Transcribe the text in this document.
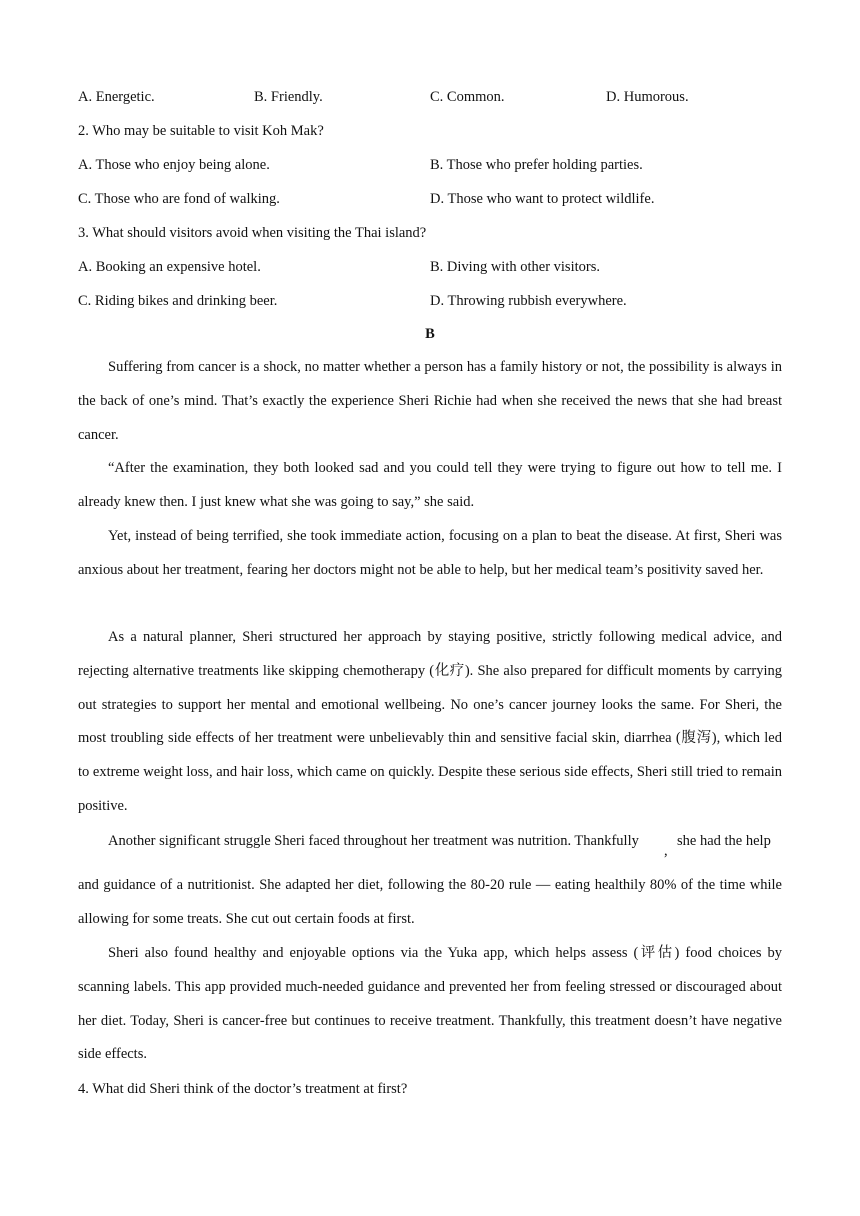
A. Energetic.	B. Friendly.	C. Common.	D. Humorous.
2. Who may be suitable to visit Koh Mak?
A. Those who enjoy being alone.	B. Those who prefer holding parties.
C. Those who are fond of walking.	D. Those who want to protect wildlife.
3. What should visitors avoid when visiting the Thai island?
A. Booking an expensive hotel.	B. Diving with other visitors.
C. Riding bikes and drinking beer.	D. Throwing rubbish everywhere.
B
Suffering from cancer is a shock, no matter whether a person has a family history or not, the possibility is always in the back of one’s mind. That’s exactly the experience Sheri Richie had when she received the news that she had breast cancer.
“After the examination, they both looked sad and you could tell they were trying to figure out how to tell me. I already knew then. I just knew what she was going to say,” she said.
Yet, instead of being terrified, she took immediate action, focusing on a plan to beat the disease. At first, Sheri was anxious about her treatment, fearing her doctors might not be able to help, but her medical team’s positivity saved her.
As a natural planner, Sheri structured her approach by staying positive, strictly following medical advice, and rejecting alternative treatments like skipping chemotherapy (化疗). She also prepared for difficult moments by carrying out strategies to support her mental and emotional wellbeing. No one’s cancer journey looks the same. For Sheri, the most troubling side effects of her treatment were unbelievably thin and sensitive facial skin, diarrhea (腹泻), which led to extreme weight loss, and hair loss, which came on quickly. Despite these serious side effects, Sheri still tried to remain positive.
Another significant struggle Sheri faced throughout her treatment was nutrition. Thankfully
,
she had the help
and guidance of a nutritionist. She adapted her diet, following the 80-20 rule — eating healthily 80% of the time while allowing for some treats. She cut out certain foods at first.
Sheri also found healthy and enjoyable options via the Yuka app, which helps assess (评估) food choices by scanning labels. This app provided much-needed guidance and prevented her from feeling stressed or discouraged about her diet. Today, Sheri is cancer-free but continues to receive treatment. Thankfully, this treatment doesn’t have negative side effects.
4. What did Sheri think of the doctor’s treatment at first?
